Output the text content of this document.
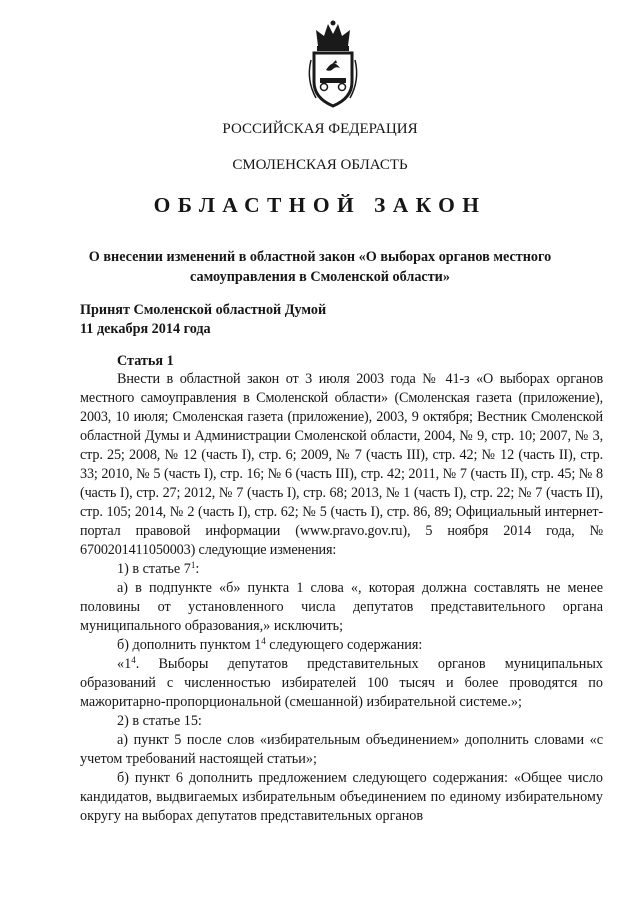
РОССИЙСКАЯ ФЕДЕРАЦИЯ
СМОЛЕНСКАЯ ОБЛАСТЬ
ОБЛАСТНОЙ ЗАКОН
О внесении изменений в областной закон «О выборах органов местного
самоуправления в Смоленской области»
Принят Смоленской областной Думой
11 декабря 2014 года
Статья 1

Внести в областной закон от 3 июля 2003 года № 41-з «О выборах органов местного самоуправления в Смоленской области» (Смоленская газета (приложение), 2003, 10 июля; Смоленская газета (приложение), 2003, 9 октября; Вестник Смоленской областной Думы и Администрации Смоленской области, 2004, № 9, стр. 10; 2007, № 3, стр. 25; 2008, № 12 (часть I), стр. 6; 2009, № 7 (часть III), стр. 42; № 12 (часть II), стр. 33; 2010, № 5 (часть I), стр. 16; № 6 (часть III), стр. 42; 2011, № 7 (часть II), стр. 45; № 8 (часть I), стр. 27; 2012, № 7 (часть I), стр. 68; 2013, № 1 (часть I), стр. 22; № 7 (часть II), стр. 105; 2014, № 2 (часть I), стр. 62; № 5 (часть I), стр. 86, 89; Официальный интернет-портал правовой информации (www.pravo.gov.ru), 5 ноября 2014 года, № 6700201411050003) следующие изменения:

1) в статье $7^1$:

а) в подпункте «б» пункта 1 слова «, которая должна составлять не менее половины от установленного числа депутатов представительного органа муниципального образования,» исключить;

б) дополнить пунктом $1^4$ следующего содержания:

«$1^4$. Выборы депутатов представительных органов муниципальных образований с численностью избирателей 100 тысяч и более проводятся по мажоритарно-пропорциональной (смешанной) избирательной системе.»;

2) в статье 15:

а) пункт 5 после слов «избирательным объединением» дополнить словами «с учетом требований настоящей статьи»;

б) пункт 6 дополнить предложением следующего содержания: «Общее число кандидатов, выдвигаемых избирательным объединением по единому избирательному округу на выборах депутатов представительных органов
